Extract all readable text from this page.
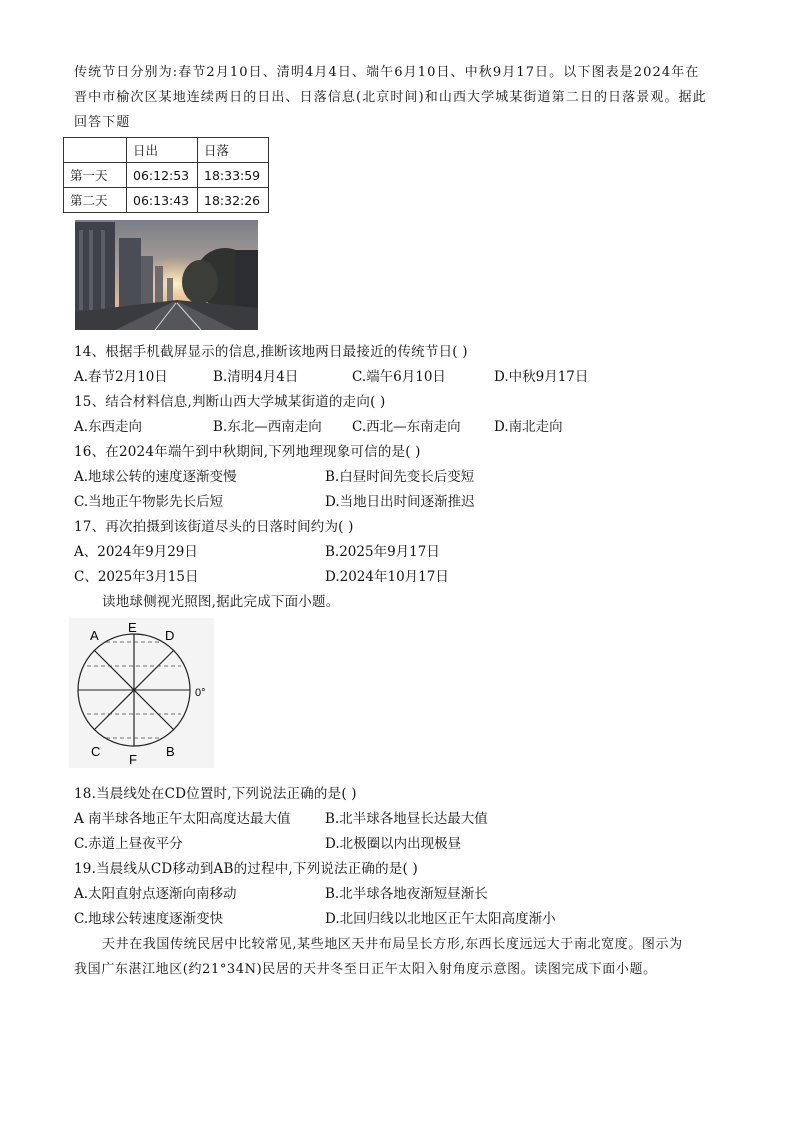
传统节日分别为:春节2月10日、清明4月4日、端午6月10日、中秋9月17日。以下图表是2024年在
晋中市榆次区某地连续两日的日出、日落信息(北京时间)和山西大学城某街道第二日的日落景观。据此
回答下题
	日出	日落
第一天	06:12:53	18:33:59
第二天	06:13:43	18:32:26
14、根据手机截屏显示的信息,推断该地两日最接近的传统节日( )
A.春节2月10日	B.清明4月4日	C.端午6月10日	D.中秋9月17日
15、结合材料信息,判断山西大学城某街道的走向( )
A.东西走向	B.东北—西南走向 C.西北—东南走向 D.南北走向
16、在2024年端午到中秋期间,下列地理现象可信的是( )
A.地球公转的速度逐渐变慢	B.白昼时间先变长后变短
C.当地正午物影先长后短	D.当地日出时间逐渐推迟
17、再次拍摄到该街道尽头的日落时间约为( )
A、2024年9月29日	B.2025年9月17日
C、2025年3月15日	D.2024年10月17日
读地球侧视光照图,据此完成下面小题。
A
E
D
C
F
B
0°
18.当晨线处在CD位置时,下列说法正确的是( )
A 南半球各地正午太阳高度达最大值	B.北半球各地昼长达最大值
C.赤道上昼夜平分	D.北极圈以内出现极昼
19.当晨线从CD移动到AB的过程中,下列说法正确的是( )
A.太阳直射点逐渐向南移动	B.北半球各地夜渐短昼渐长
C.地球公转速度逐渐变快	D.北回归线以北地区正午太阳高度渐小
天井在我国传统民居中比较常见,某些地区天井布局呈长方形,东西长度远远大于南北宽度。图示为
我国广东湛江地区(约21°34N)民居的天井冬至日正午太阳入射角度示意图。读图完成下面小题。
